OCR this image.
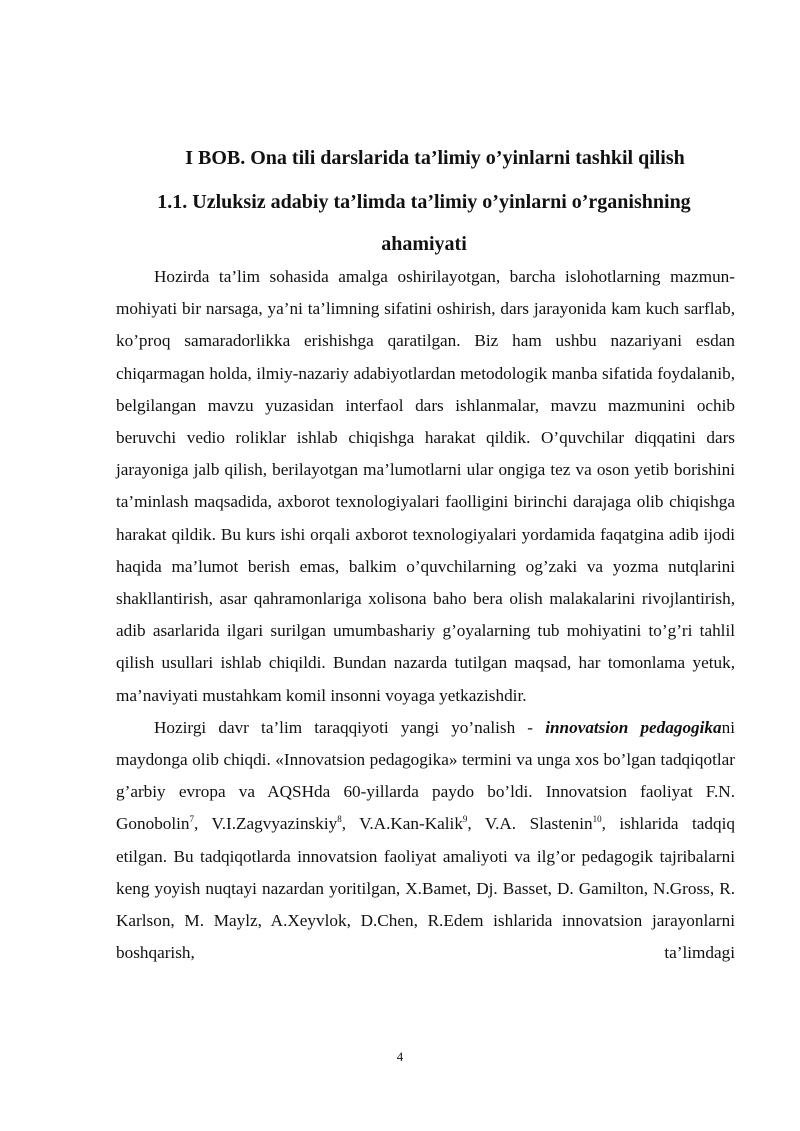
I BOB. Ona tili darslarida ta’limiy o’yinlarni tashkil qilish
1.1. Uzluksiz adabiy ta’limda ta’limiy o’yinlarni o’rganishning ahamiyati

Hozirda ta’lim sohasida amalga oshirilayotgan, barcha islohotlarning mazmun-mohiyati bir narsaga, ya’ni ta’limning sifatini oshirish, dars jarayonida kam kuch sarflab, ko’proq samaradorlikka erishishga qaratilgan. Biz ham ushbu nazariyani esdan chiqarmagan holda, ilmiy-nazariy adabiyotlardan metodologik manba sifatida foydalanib, belgilangan mavzu yuzasidan interfaol dars ishlanmalar, mavzu mazmunini ochib beruvchi vedio roliklar ishlab chiqishga harakat qildik. O’quvchilar diqqatini dars jarayoniga jalb qilish, berilayotgan ma’lumotlarni ular ongiga tez va oson yetib borishini ta’minlash maqsadida, axborot texnologiyalari faolligini birinchi darajaga olib chiqishga harakat qildik. Bu kurs ishi orqali axborot texnologiyalari yordamida faqatgina adib ijodi haqida ma’lumot berish emas, balkim o’quvchilarning og’zaki va yozma nutqlarini shakllantirish, asar qahramonlariga xolisona baho bera olish malakalarini rivojlantirish, adib asarlarida ilgari surilgan umumbashariy g’oyalarning tub mohiyatini to’g’ri tahlil qilish usullari ishlab chiqildi. Bundan nazarda tutilgan maqsad, har tomonlama yetuk, ma’naviyati mustahkam komil insonni voyaga yetkazishdir.

Hozirgi davr ta’lim taraqqiyoti yangi yo’nalish - innovatsion pedagogikani maydonga olib chiqdi. «Innovatsion pedagogika» termini va unga xos bo’lgan tadqiqotlar g’arbiy evropa va AQSHda 60-yillarda paydo bo’ldi. Innovatsion faoliyat F.N. Gonobolin$^7$, V.I.Zagvyazinskiy$^8$, V.A.Kan-Kalik$^9$, V.A. Slastenin$^{10}$, ishlarida tadqiq etilgan. Bu tadqiqotlarda innovatsion faoliyat amaliyoti va ilg’or pedagogik tajribalarni keng yoyish nuqtayi nazardan yoritilgan, X.Bamet, Dj. Basset, D. Gamilton, N.Gross, R. Karlson, M. Maylz, A.Xeyvlok, D.Chen, R.Edem ishlarida innovatsion jarayonlarni boshqarish, ta’limdagi

4
